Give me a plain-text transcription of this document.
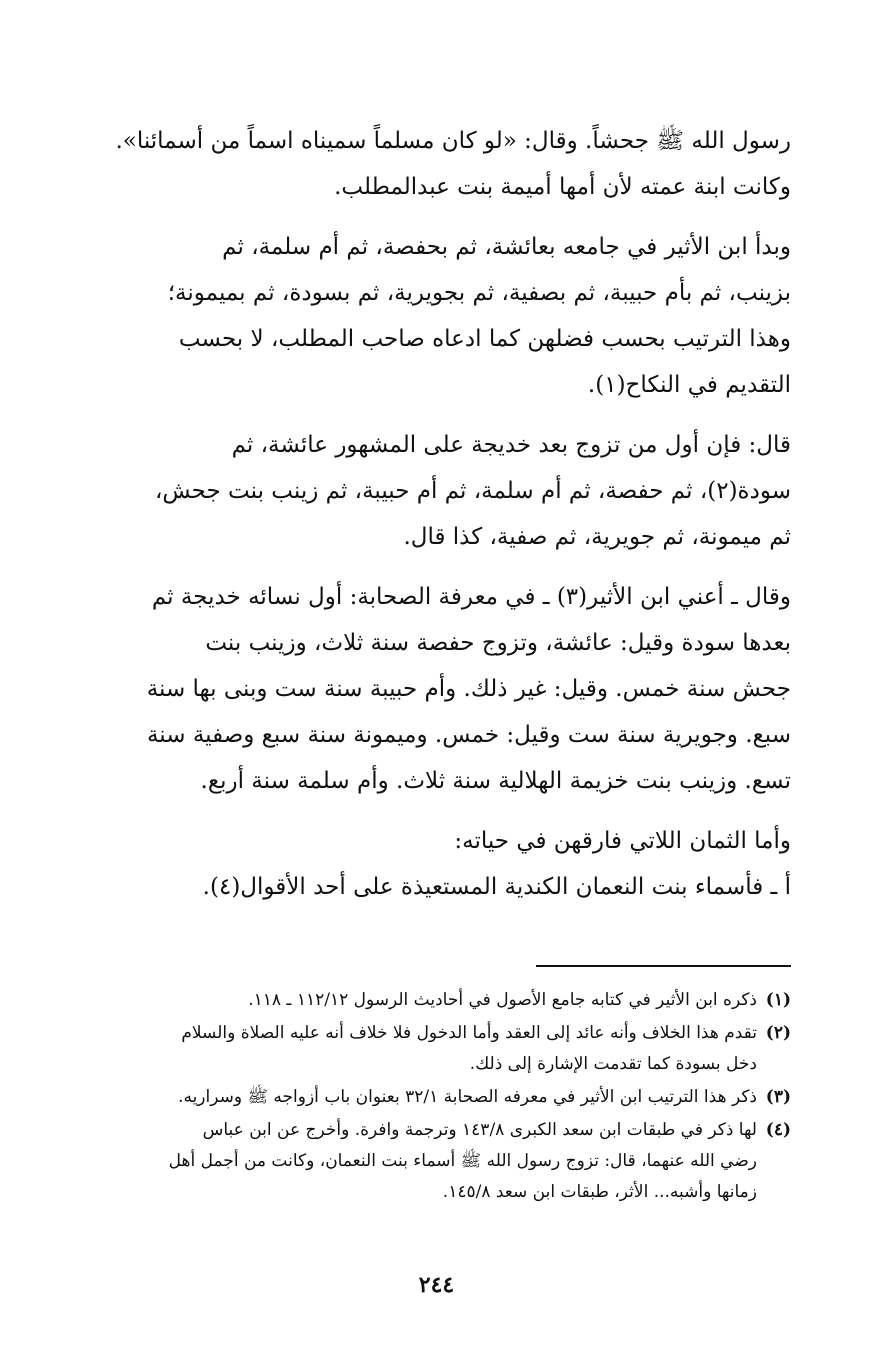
رسول الله ﷺ جحشاً. وقال: «لو كان مسلماً سميناه اسماً من أسمائنا».
وكانت ابنة عمته لأن أمها أميمة بنت عبدالمطلب.

وبدأ ابن الأثير في جامعه بعائشة، ثم بحفصة، ثم أم سلمة، ثم
بزينب، ثم بأم حبيبة، ثم بصفية، ثم بجويرية، ثم بسودة، ثم بميمونة؛
وهذا الترتيب بحسب فضلهن كما ادعاه صاحب المطلب، لا بحسب
التقديم في النكاح(١).

قال: فإن أول من تزوج بعد خديجة على المشهور عائشة، ثم
سودة(٢)، ثم حفصة، ثم أم سلمة، ثم أم حبيبة، ثم زينب بنت جحش،
ثم ميمونة، ثم جويرية، ثم صفية، كذا قال.

وقال ـ أعني ابن الأثير(٣) ـ في معرفة الصحابة: أول نسائه خديجة ثم
بعدها سودة وقيل: عائشة، وتزوج حفصة سنة ثلاث، وزينب بنت
جحش سنة خمس. وقيل: غير ذلك. وأم حبيبة سنة ست وبنى بها سنة
سبع. وجويرية سنة ست وقيل: خمس. وميمونة سنة سبع وصفية سنة
تسع. وزينب بنت خزيمة الهلالية سنة ثلاث. وأم سلمة سنة أربع.

وأما الثمان اللاتي فارقهن في حياته:
أ ـ فأسماء بنت النعمان الكندية المستعيذة على أحد الأقوال(٤).

(١)
ذكره ابن الأثير في كتابه جامع الأصول في أحاديث الرسول ١١٢/١٢ ـ ١١٨.
(٢)
تقدم هذا الخلاف وأنه عائد إلى العقد وأما الدخول فلا خلاف أنه عليه الصلاة والسلام
دخل بسودة كما تقدمت الإشارة إلى ذلك.
(٣)
ذكر هذا الترتيب ابن الأثير في معرفه الصحابة ٣٢/١ بعنوان باب أزواجه ﷺ وسراريه.
(٤)
لها ذكر في طبقات ابن سعد الكبرى ١٤٣/٨ وترجمة وافرة. وأخرج عن ابن عباس
رضي الله عنهما، قال: تزوج رسول الله ﷺ أسماء بنت النعمان، وكانت من أجمل أهل
زمانها وأشبه... الأثر، طبقات ابن سعد ١٤٥/٨.
٢٤٤
